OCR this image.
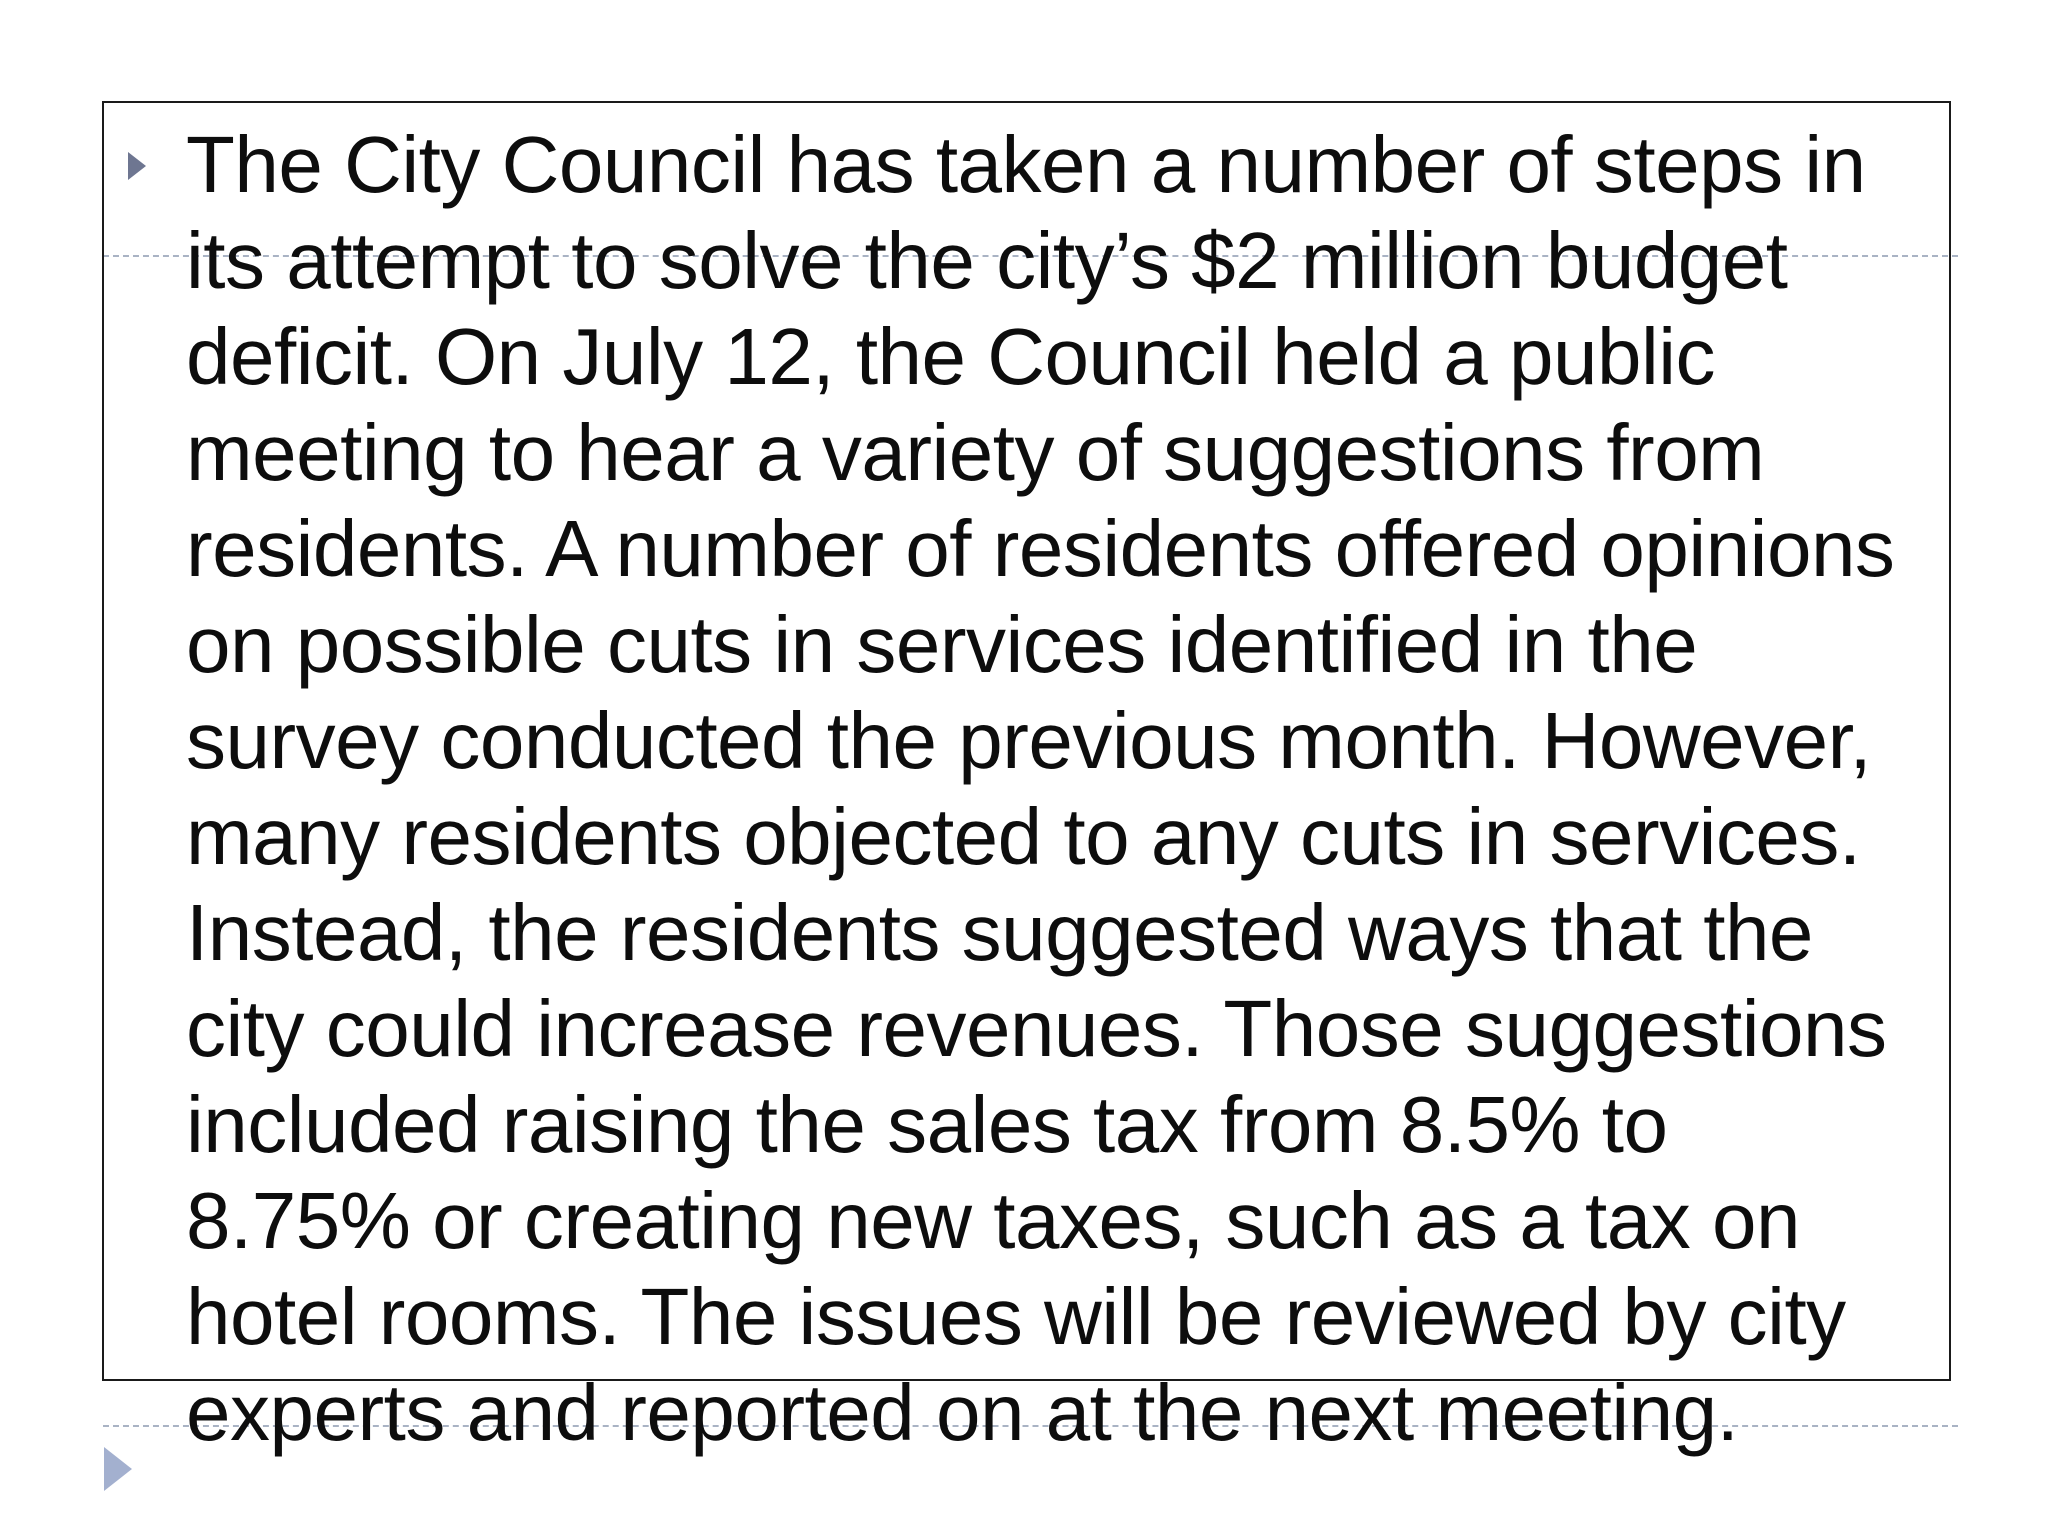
The City Council has taken a number of steps in
its attempt to solve the city’s $2 million budget
deficit. On July 12, the Council held a public
meeting to hear a variety of suggestions from
residents. A number of residents offered opinions
on possible cuts in services identified in the
survey conducted the previous month. However,
many residents objected to any cuts in services.
Instead, the residents suggested ways that the
city could increase revenues. Those suggestions
included raising the sales tax from 8.5% to
8.75% or creating new taxes, such as a tax on
hotel rooms. The issues will be reviewed by city
experts and reported on at the next meeting.
